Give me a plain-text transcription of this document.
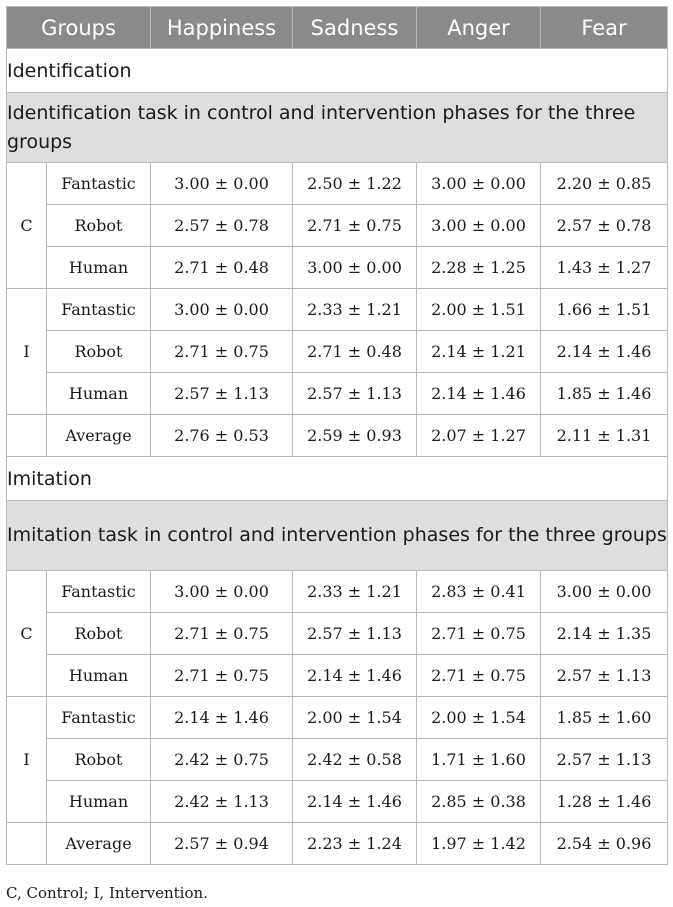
Groups		Happiness	Sadness	Anger	Fear
Identification					
Identification task in control and intervention phases for the three groups					
C	Fantastic	3.00 ± 0.00	2.50 ± 1.22	3.00 ± 0.00	2.20 ± 0.85
	Robot	2.57 ± 0.78	2.71 ± 0.75	3.00 ± 0.00	2.57 ± 0.78
	Human	2.71 ± 0.48	3.00 ± 0.00	2.28 ± 1.25	1.43 ± 1.27
I	Fantastic	3.00 ± 0.00	2.33 ± 1.21	2.00 ± 1.51	1.66 ± 1.51
	Robot	2.71 ± 0.75	2.71 ± 0.48	2.14 ± 1.21	2.14 ± 1.46
	Human	2.57 ± 1.13	2.57 ± 1.13	2.14 ± 1.46	1.85 ± 1.46
	Average	2.76 ± 0.53	2.59 ± 0.93	2.07 ± 1.27	2.11 ± 1.31
Imitation					
Imitation task in control and intervention phases for the three groups					
C	Fantastic	3.00 ± 0.00	2.33 ± 1.21	2.83 ± 0.41	3.00 ± 0.00
	Robot	2.71 ± 0.75	2.57 ± 1.13	2.71 ± 0.75	2.14 ± 1.35
	Human	2.71 ± 0.75	2.14 ± 1.46	2.71 ± 0.75	2.57 ± 1.13
I	Fantastic	2.14 ± 1.46	2.00 ± 1.54	2.00 ± 1.54	1.85 ± 1.60
	Robot	2.42 ± 0.75	2.42 ± 0.58	1.71 ± 1.60	2.57 ± 1.13
	Human	2.42 ± 1.13	2.14 ± 1.46	2.85 ± 0.38	1.28 ± 1.46
	Average	2.57 ± 0.94	2.23 ± 1.24	1.97 ± 1.42	2.54 ± 0.96
C, Control; I, Intervention.
